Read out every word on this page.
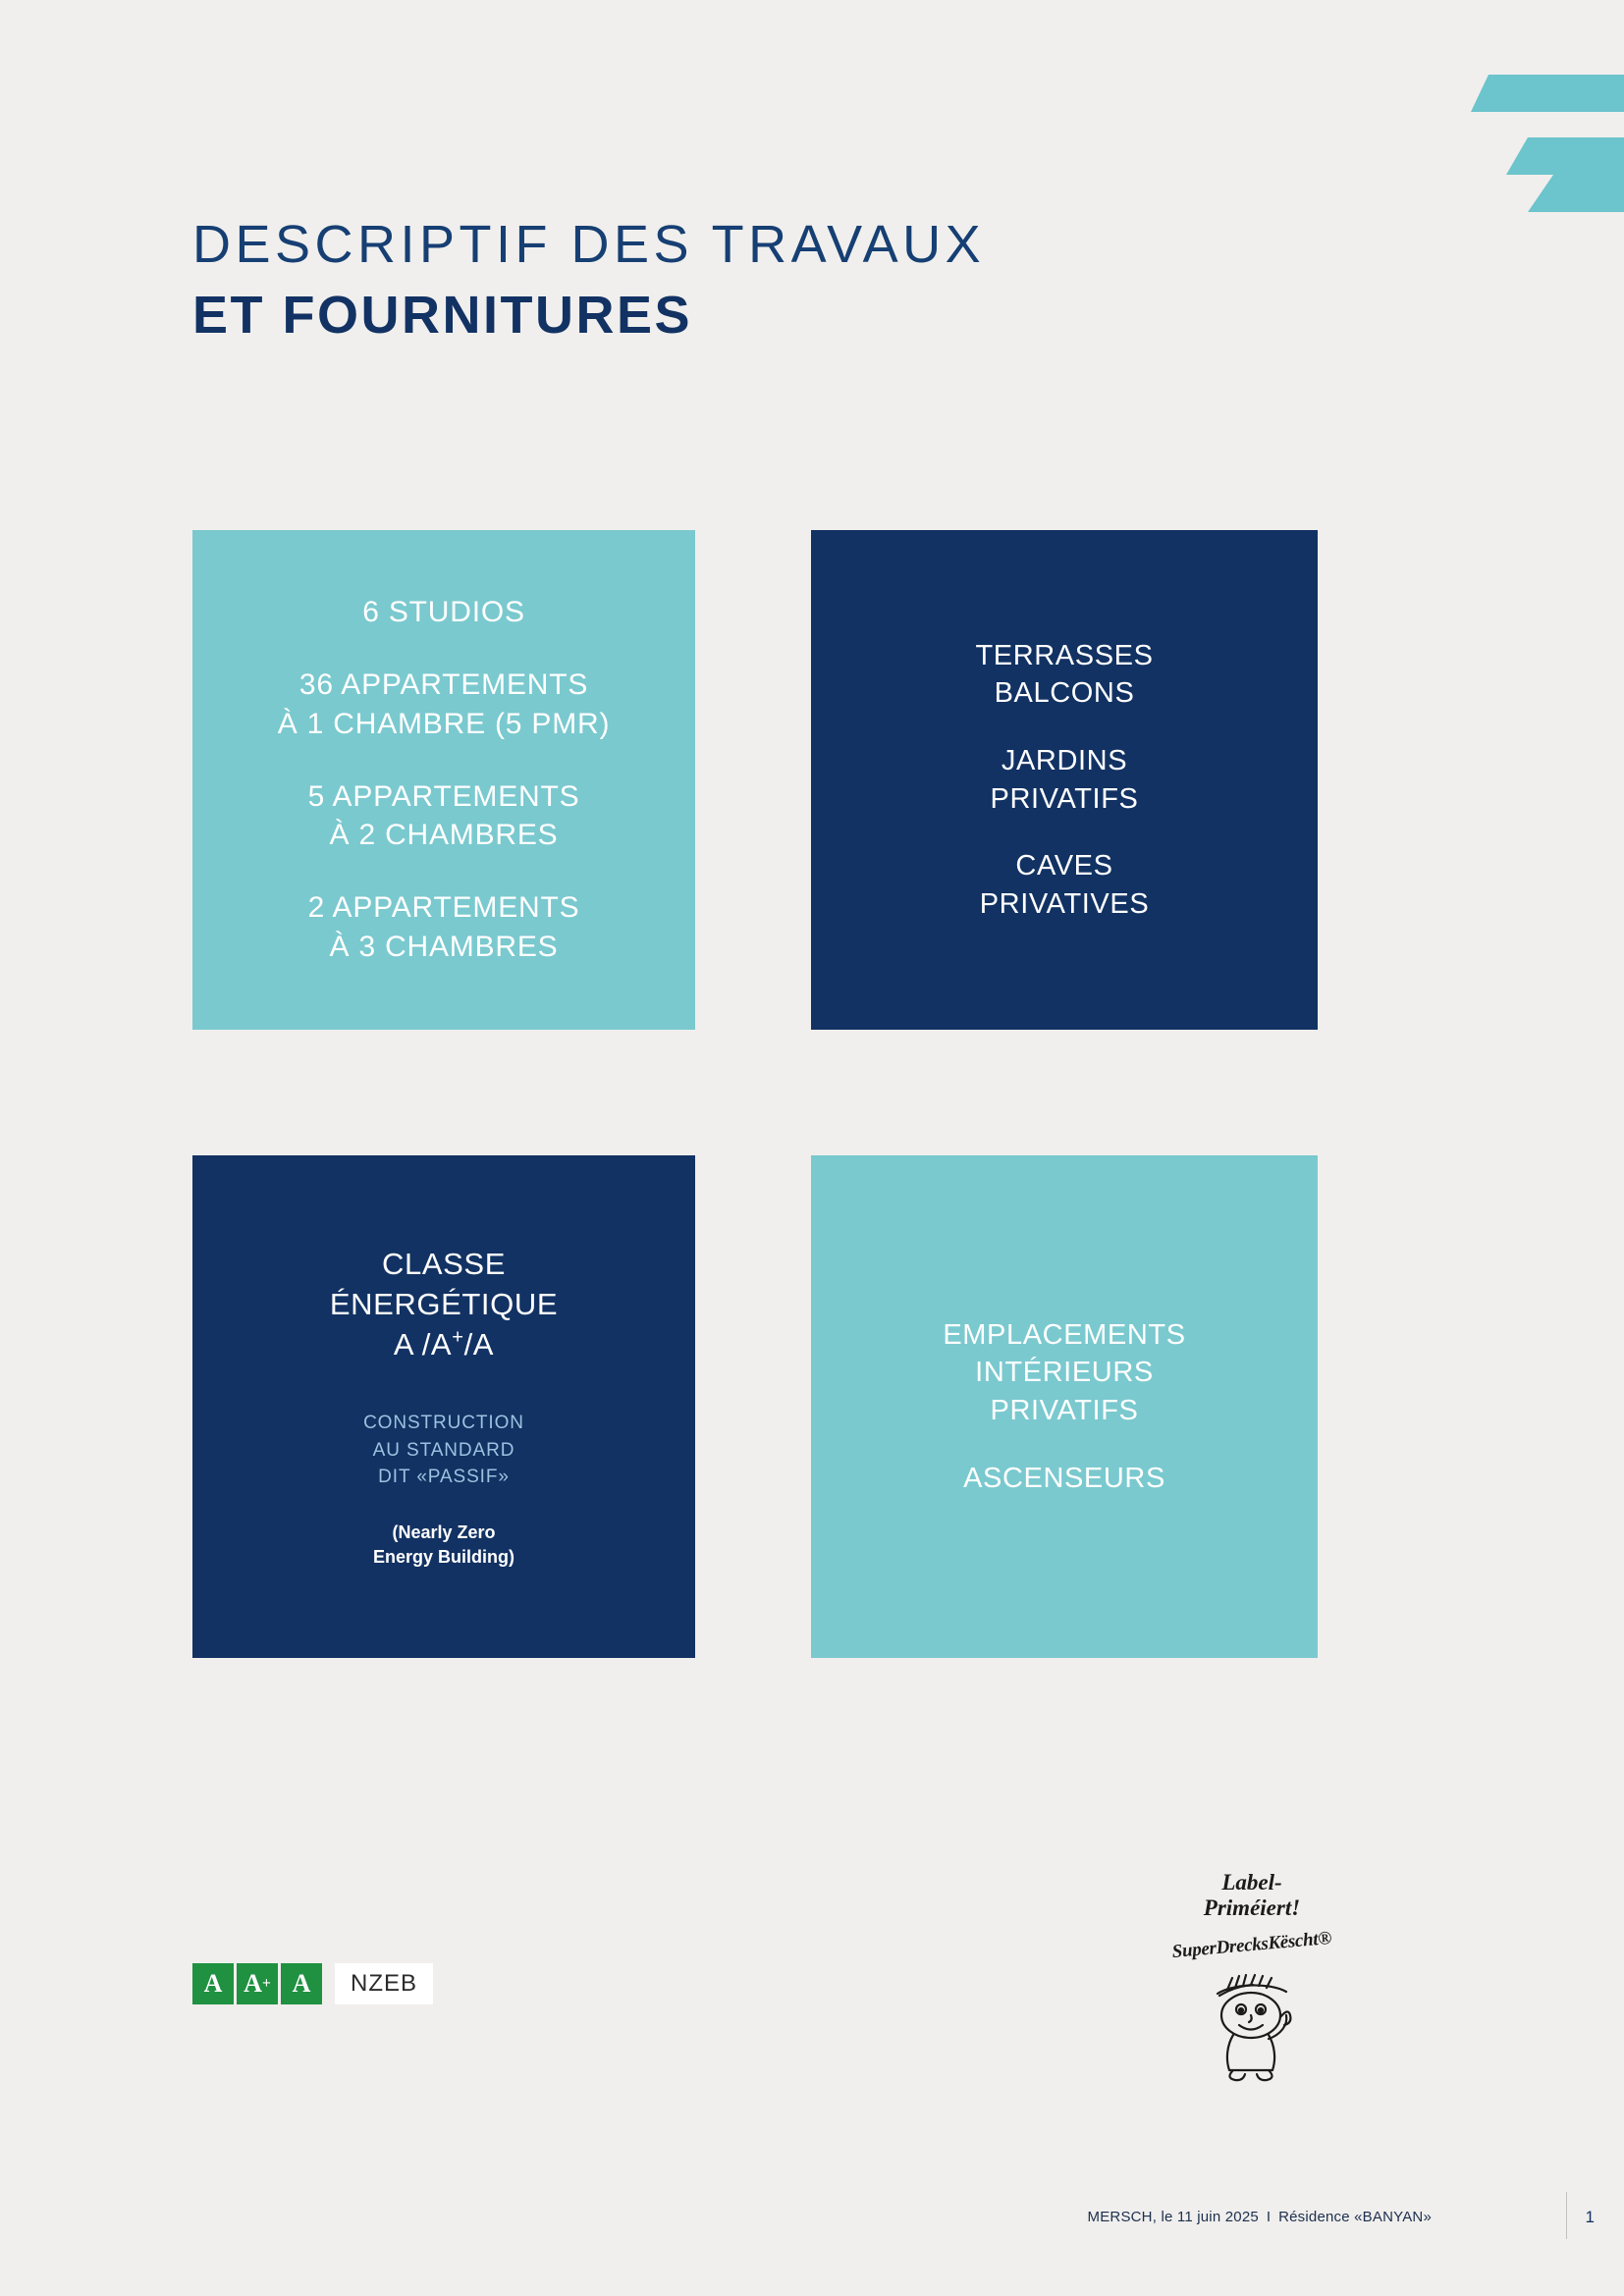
DESCRIPTIF DES TRAVAUX
ET FOURNITURES
6 STUDIOS
36 APPARTEMENTS
À 1 CHAMBRE (5 PMR)
5 APPARTEMENTS
À 2 CHAMBRES
2 APPARTEMENTS
À 3 CHAMBRES
TERRASSES
BALCONS
JARDINS
PRIVATIFS
CAVES
PRIVATIVES
CLASSE
ÉNERGÉTIQUE
A /A+/A
CONSTRUCTION
AU STANDARD
DIT «PASSIF»
(Nearly Zero
Energy Building)
EMPLACEMENTS
INTÉRIEURS
PRIVATIFS
ASCENSEURS
A A + A	NZEB
Label-
Priméiert!
SuperDrecksKëscht®
MERSCH, le 11 juin 2025 I Résidence «BANYAN»	1
